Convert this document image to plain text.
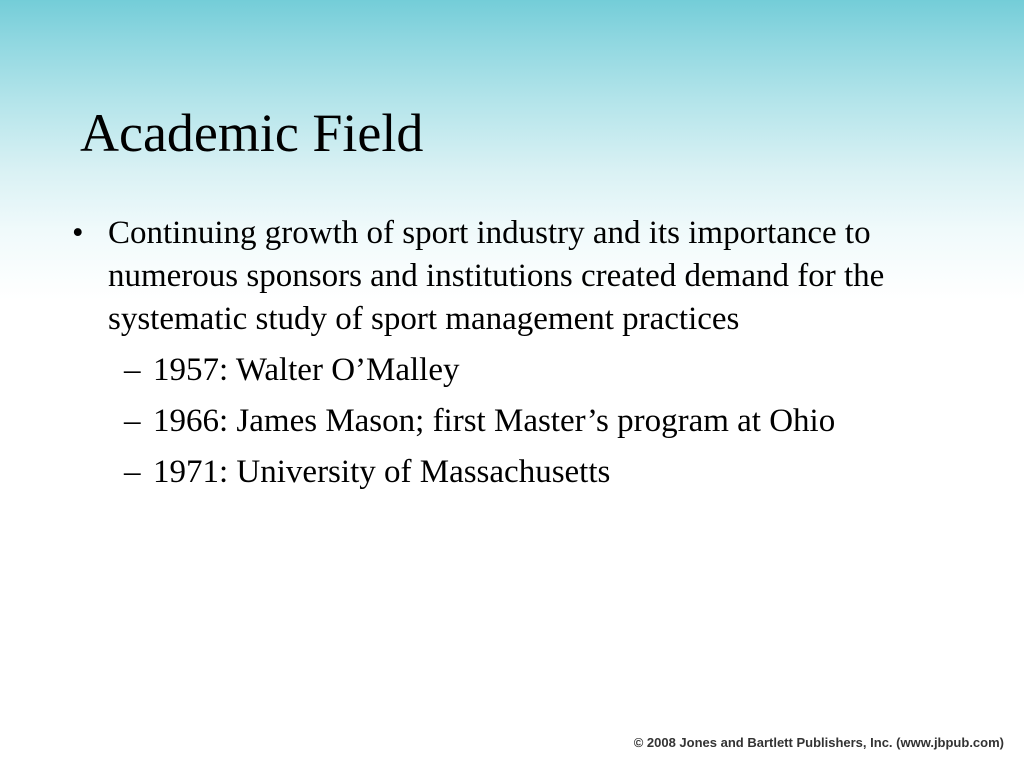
Academic Field
• Continuing growth of sport industry and its importance to numerous sponsors and institutions created demand for the systematic study of sport management practices
– 1957: Walter O’Malley
– 1966: James Mason; first Master’s program at Ohio
– 1971: University of Massachusetts
© 2008 Jones and Bartlett Publishers, Inc. (www.jbpub.com)
